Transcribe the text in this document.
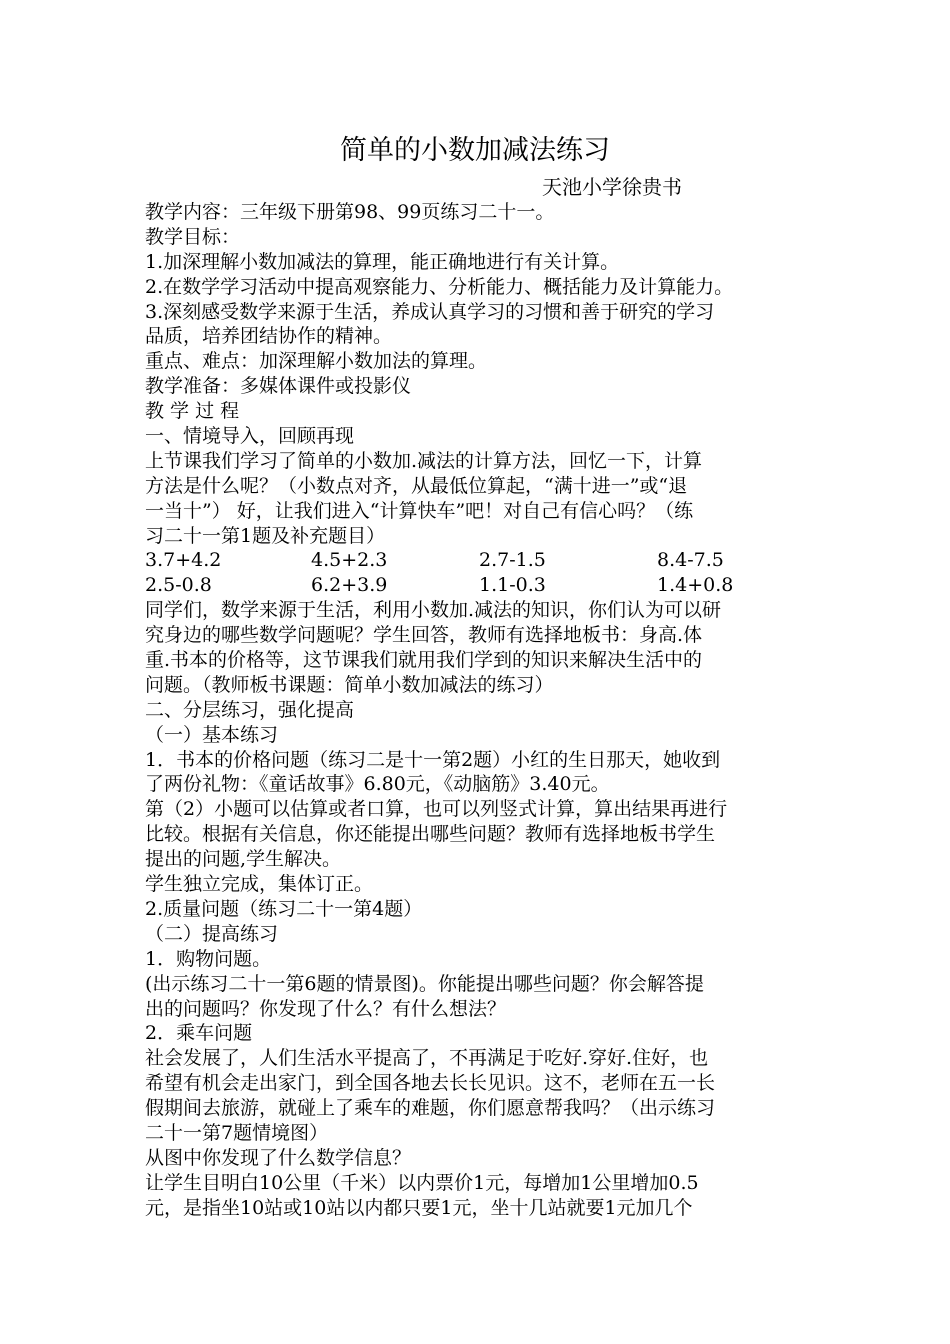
简单的小数加减法练习
天池小学徐贵书
教学内容：三年级下册第98、99页练习二十一。
教学目标：
1.加深理解小数加减法的算理，能正确地进行有关计算。
2.在数学学习活动中提高观察能力、分析能力、概括能力及计算能力。
3.深刻感受数学来源于生活，养成认真学习的习惯和善于研究的学习
品质，培养团结协作的精神。
重点、难点：加深理解小数加法的算理。
教学准备：多媒体课件或投影仪
教 学 过 程
一、情境导入，回顾再现
上节课我们学习了简单的小数加.减法的计算方法，回忆一下，计算
方法是什么呢？（小数点对齐，从最低位算起，“满十进一”或“退
一当十”） 好，让我们进入“计算快车”吧！对自己有信心吗？（练
习二十一第1题及补充题目）
3.7+4.2	4.5+2.3	2.7-1.5	8.4-7.5
2.5-0.8	6.2+3.9	1.1-0.3	1.4+0.8
同学们，数学来源于生活，利用小数加.减法的知识，你们认为可以研
究身边的哪些数学问题呢？学生回答，教师有选择地板书：身高.体
重.书本的价格等，这节课我们就用我们学到的知识来解决生活中的
问题。（教师板书课题：简单小数加减法的练习）
二、分层练习，强化提高
（一）基本练习
1．书本的价格问题（练习二是十一第2题）小红的生日那天，她收到
了两份礼物：《童话故事》6.80元，《动脑筋》3.40元。
第（2）小题可以估算或者口算，也可以列竖式计算，算出结果再进行
比较。根据有关信息，你还能提出哪些问题？教师有选择地板书学生
提出的问题,学生解决。
学生独立完成，集体订正。
2.质量问题（练习二十一第4题）
（二）提高练习
1．购物问题。
(出示练习二十一第6题的情景图)。你能提出哪些问题？你会解答提
出的问题吗？你发现了什么？有什么想法？
2．乘车问题
社会发展了，人们生活水平提高了，不再满足于吃好.穿好.住好，也
希望有机会走出家门，到全国各地去长长见识。这不，老师在五一长
假期间去旅游，就碰上了乘车的难题，你们愿意帮我吗？（出示练习
二十一第7题情境图）
从图中你发现了什么数学信息？
让学生目明白10公里（千米）以内票价1元，每增加1公里增加0.5
元，是指坐10站或10站以内都只要1元，坐十几站就要1元加几个
